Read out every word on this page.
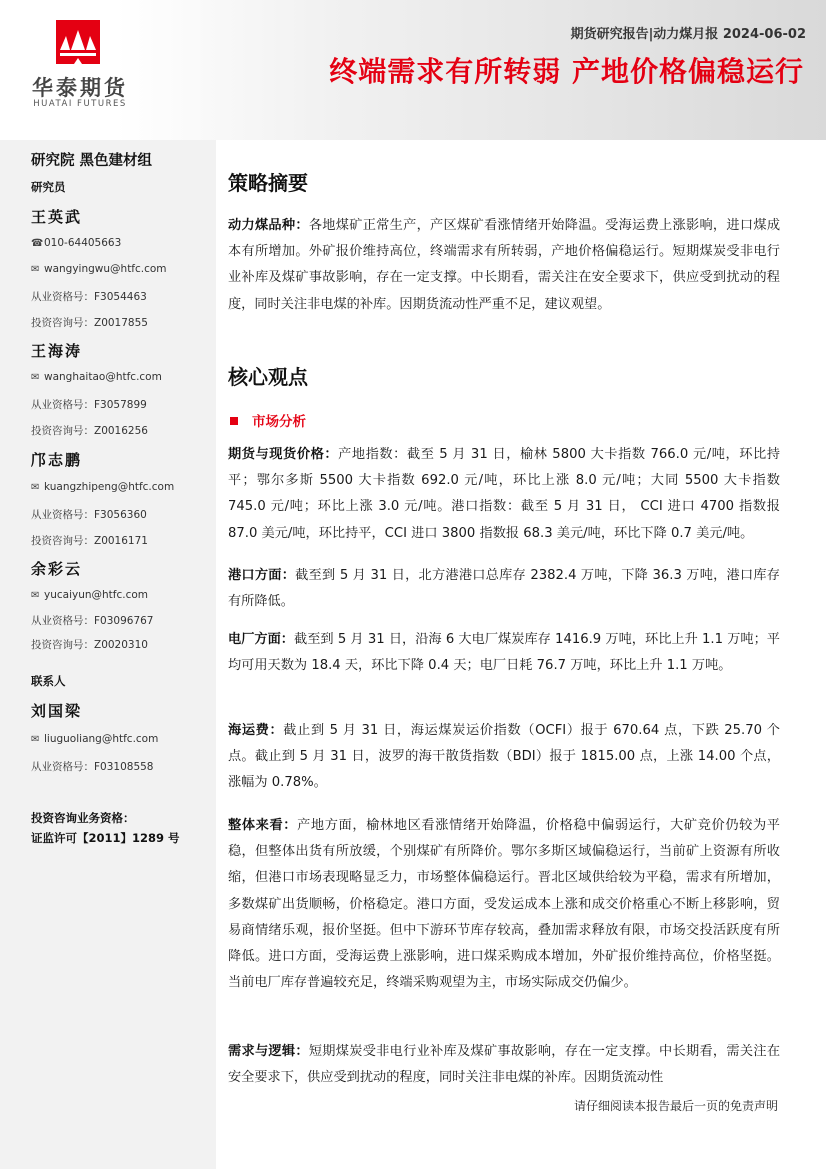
华泰期货
HUATAI FUTURES
期货研究报告|动力煤月报 2024-06-02
终端需求有所转弱 产地价格偏稳运行
研究院 黑色建材组
研究员
王英武
☎010-64405663
✉ wangyingwu@htfc.com
从业资格号：F3054463
投资咨询号：Z0017855
王海涛
✉ wanghaitao@htfc.com
从业资格号：F3057899
投资咨询号：Z0016256
邝志鹏
✉ kuangzhipeng@htfc.com
从业资格号：F3056360
投资咨询号：Z0016171
余彩云
✉ yucaiyun@htfc.com
从业资格号：F03096767
投资咨询号：Z0020310
联系人
刘国梁
✉ liuguoliang@htfc.com
从业资格号：F03108558
投资咨询业务资格：
证监许可【2011】1289 号
策略摘要
动力煤品种：各地煤矿正常生产，产区煤矿看涨情绪开始降温。受海运费上涨影响，进口煤成本有所增加。外矿报价维持高位，终端需求有所转弱，产地价格偏稳运行。短期煤炭受非电行业补库及煤矿事故影响，存在一定支撑。中长期看，需关注在安全要求下，供应受到扰动的程度，同时关注非电煤的补库。因期货流动性严重不足，建议观望。
核心观点
市场分析
期货与现货价格：产地指数：截至 5 月 31 日，榆林 5800 大卡指数 766.0 元/吨，环比持平；鄂尔多斯 5500 大卡指数 692.0 元/吨，环比上涨 8.0 元/吨；大同 5500 大卡指数 745.0 元/吨；环比上涨 3.0 元/吨。港口指数：截至 5 月 31 日， CCI 进口 4700 指数报 87.0 美元/吨，环比持平，CCI 进口 3800 指数报 68.3 美元/吨，环比下降 0.7 美元/吨。
港口方面：截至到 5 月 31 日，北方港港口总库存 2382.4 万吨，下降 36.3 万吨，港口库存有所降低。
电厂方面：截至到 5 月 31 日，沿海 6 大电厂煤炭库存 1416.9 万吨，环比上升 1.1 万吨；平均可用天数为 18.4 天，环比下降 0.4 天；电厂日耗 76.7 万吨，环比上升 1.1 万吨。
海运费：截止到 5 月 31 日，海运煤炭运价指数（OCFI）报于 670.64 点，下跌 25.70 个点。截止到 5 月 31 日，波罗的海干散货指数（BDI）报于 1815.00 点，上涨 14.00 个点，涨幅为 0.78%。
整体来看：产地方面，榆林地区看涨情绪开始降温，价格稳中偏弱运行，大矿竞价仍较为平稳，但整体出货有所放缓，个别煤矿有所降价。鄂尔多斯区域偏稳运行，当前矿上资源有所收缩，但港口市场表现略显乏力，市场整体偏稳运行。晋北区域供给较为平稳，需求有所增加，多数煤矿出货顺畅，价格稳定。港口方面，受发运成本上涨和成交价格重心不断上移影响，贸易商情绪乐观，报价坚挺。但中下游环节库存较高，叠加需求释放有限，市场交投活跃度有所降低。进口方面，受海运费上涨影响，进口煤采购成本增加，外矿报价维持高位，价格坚挺。当前电厂库存普遍较充足，终端采购观望为主，市场实际成交仍偏少。
需求与逻辑：短期煤炭受非电行业补库及煤矿事故影响，存在一定支撑。中长期看，需关注在安全要求下，供应受到扰动的程度，同时关注非电煤的补库。因期货流动性
请仔细阅读本报告最后一页的免责声明
